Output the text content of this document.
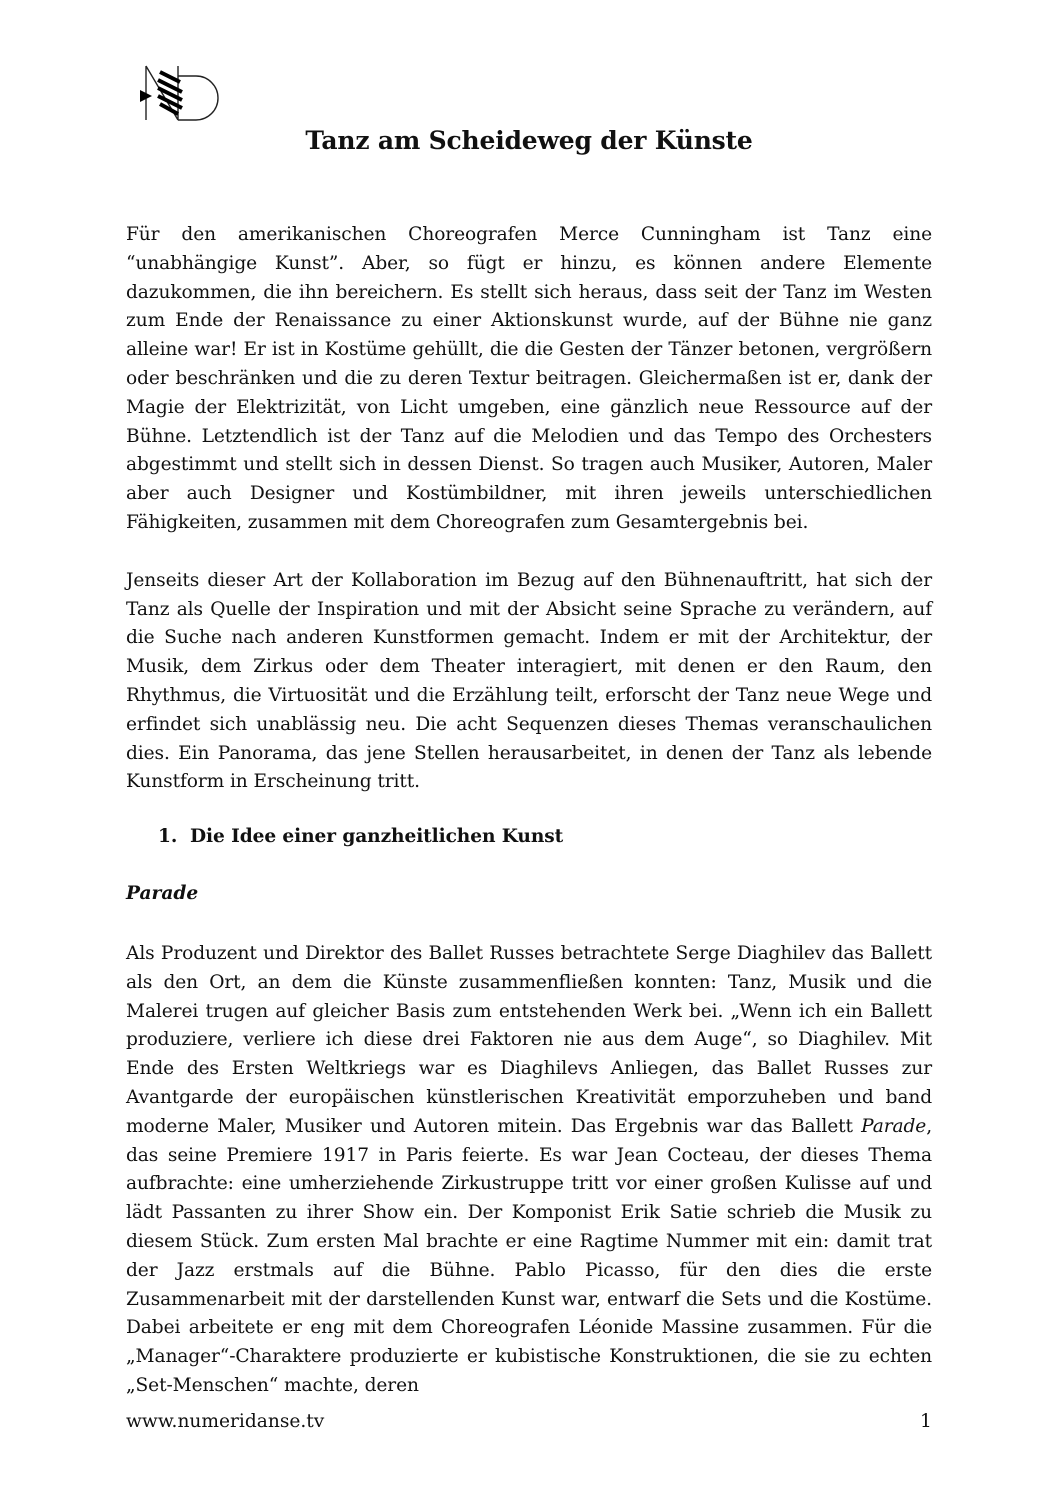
Tanz am Scheideweg der Künste

Für den amerikanischen Choreografen Merce Cunningham ist Tanz eine “unabhängige Kunst”. Aber, so fügt er hinzu, es können andere Elemente dazukommen, die ihn bereichern. Es stellt sich heraus, dass seit der Tanz im Westen zum Ende der Renaissance zu einer Aktionskunst wurde, auf der Bühne nie ganz alleine war! Er ist in Kostüme gehüllt, die die Gesten der Tänzer betonen, vergrößern oder beschränken und die zu deren Textur beitragen. Gleichermaßen ist er, dank der Magie der Elektrizität, von Licht umgeben, eine gänzlich neue Ressource auf der Bühne. Letztendlich ist der Tanz auf die Melodien und das Tempo des Orchesters abgestimmt und stellt sich in dessen Dienst. So tragen auch Musiker, Autoren, Maler aber auch Designer und Kostümbildner, mit ihren jeweils unterschiedlichen Fähigkeiten, zusammen mit dem Choreografen zum Gesamtergebnis bei.

Jenseits dieser Art der Kollaboration im Bezug auf den Bühnenauftritt, hat sich der Tanz als Quelle der Inspiration und mit der Absicht seine Sprache zu verändern, auf die Suche nach anderen Kunstformen gemacht. Indem er mit der Architektur, der Musik, dem Zirkus oder dem Theater interagiert, mit denen er den Raum, den Rhythmus, die Virtuosität und die Erzählung teilt, erforscht der Tanz neue Wege und erfindet sich unablässig neu. Die acht Sequenzen dieses Themas veranschaulichen dies. Ein Panorama, das jene Stellen herausarbeitet, in denen der Tanz als lebende Kunstform in Erscheinung tritt.

1. Die Idee einer ganzheitlichen Kunst
Parade

Als Produzent und Direktor des Ballet Russes betrachtete Serge Diaghilev das Ballett als den Ort, an dem die Künste zusammenfließen konnten: Tanz, Musik und die Malerei trugen auf gleicher Basis zum entstehenden Werk bei. „Wenn ich ein Ballett produziere, verliere ich diese drei Faktoren nie aus dem Auge“, so Diaghilev. Mit Ende des Ersten Weltkriegs war es Diaghilevs Anliegen, das Ballet Russes zur Avantgarde der europäischen künstlerischen Kreativität emporzuheben und band moderne Maler, Musiker und Autoren mitein. Das Ergebnis war das Ballett Parade, das seine Premiere 1917 in Paris feierte. Es war Jean Cocteau, der dieses Thema aufbrachte: eine umherziehende Zirkustruppe tritt vor einer großen Kulisse auf und lädt Passanten zu ihrer Show ein. Der Komponist Erik Satie schrieb die Musik zu diesem Stück. Zum ersten Mal brachte er eine Ragtime Nummer mit ein: damit trat der Jazz erstmals auf die Bühne. Pablo Picasso, für den dies die erste Zusammenarbeit mit der darstellenden Kunst war, entwarf die Sets und die Kostüme. Dabei arbeitete er eng mit dem Choreografen Léonide Massine zusammen. Für die „Manager“-Charaktere produzierte er kubistische Konstruktionen, die sie zu echten „Set-Menschen“ machte, deren

www.numeridanse.tv	1
